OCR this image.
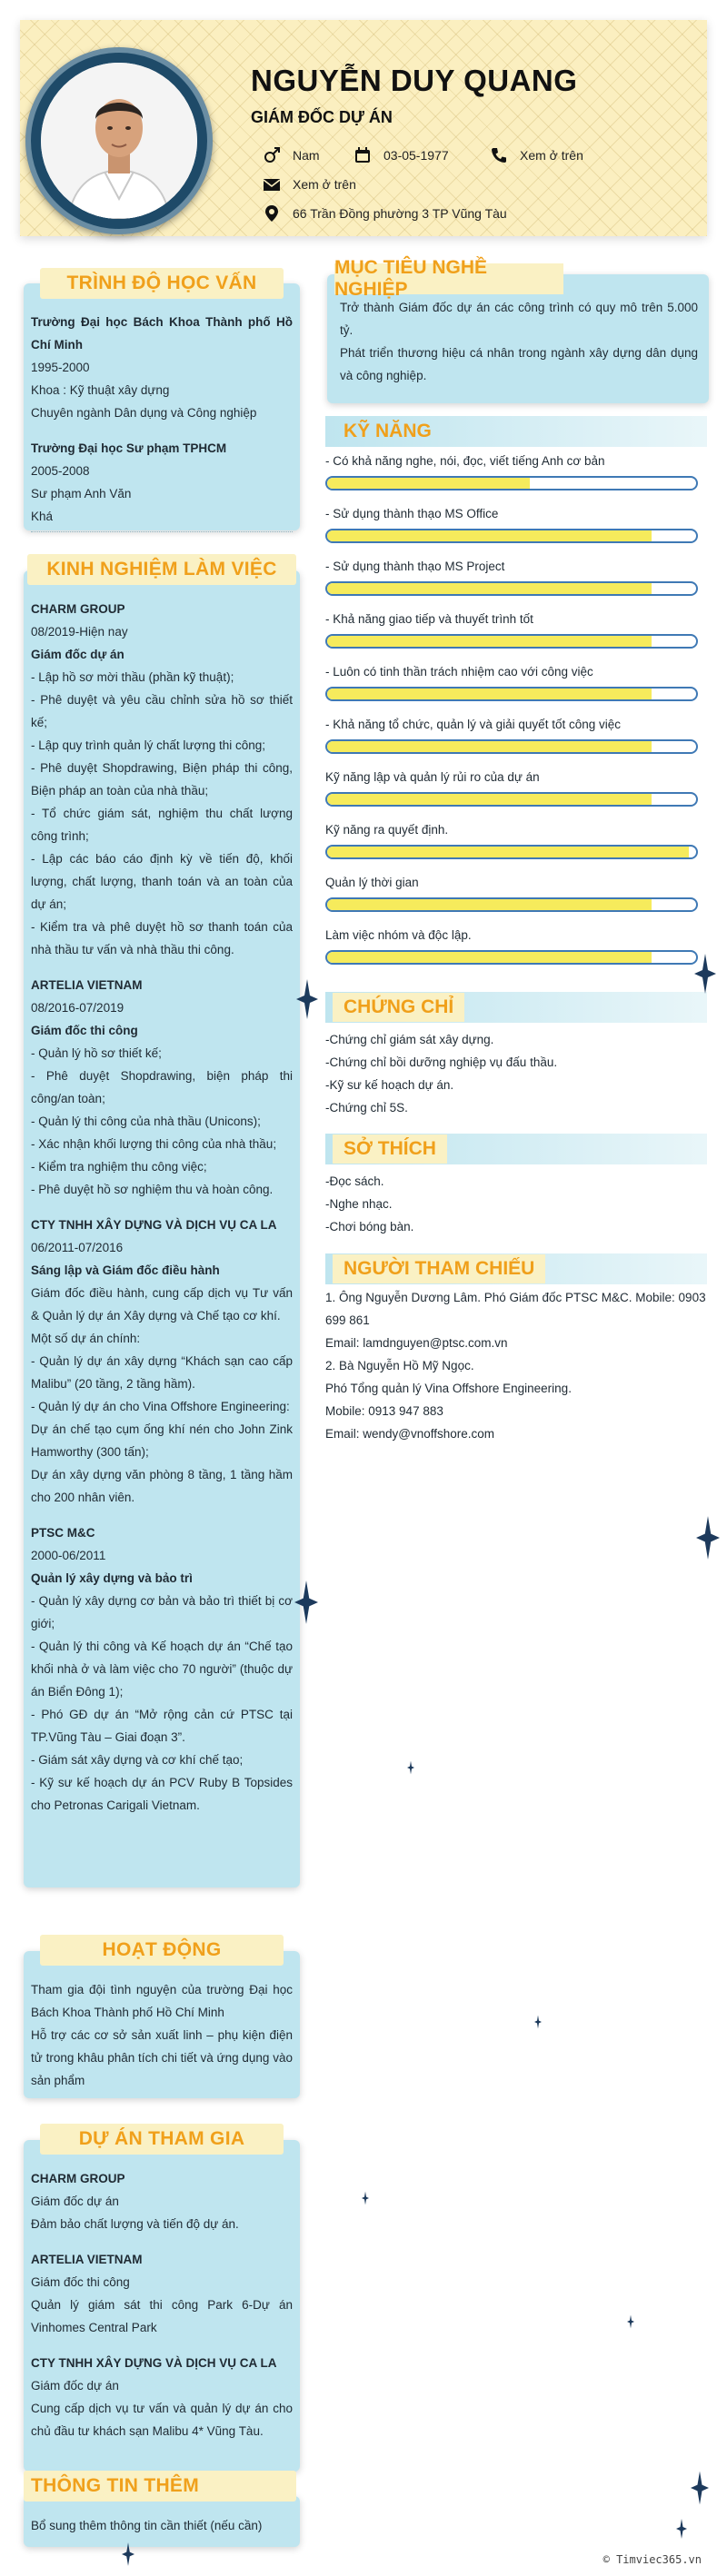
NGUYỄN DUY QUANG
GIÁM ĐỐC DỰ ÁN
Nam	03-05-1977	Xem ở trên
Xem ở trên
66 Trần Đồng phường 3 TP Vũng Tàu
Trường Đại học Bách Khoa Thành phố Hồ Chí Minh
1995-2000
Khoa : Kỹ thuật xây dựng
Chuyên ngành Dân dụng và Công nghiệp
Trường Đại học Sư phạm TPHCM
2005-2008
Sư phạm Anh Văn
Khá
TRÌNH ĐỘ HỌC VẤN
CHARM GROUP
08/2019-Hiện nay
Giám đốc dự án
- Lập hồ sơ mời thầu (phần kỹ thuật);
- Phê duyệt và yêu cầu chỉnh sửa hồ sơ thiết kế;
- Lập quy trình quản lý chất lượng thi công;
- Phê duyệt Shopdrawing, Biện pháp thi công, Biện pháp an toàn của nhà thầu;
- Tổ chức giám sát, nghiệm thu chất lượng công trình;
- Lập các báo cáo định kỳ về tiến độ, khối lượng, chất lượng, thanh toán và an toàn của dự án;
- Kiểm tra và phê duyệt hồ sơ thanh toán của nhà thầu tư vấn và nhà thầu thi công.
ARTELIA VIETNAM
08/2016-07/2019
Giám đốc thi công
- Quản lý hồ sơ thiết kế;
- Phê duyệt Shopdrawing, biện pháp thi công/an toàn;
- Quản lý thi công của nhà thầu (Unicons);
- Xác nhận khối lượng thi công của nhà thầu;
- Kiểm tra nghiệm thu công việc;
- Phê duyệt hồ sơ nghiệm thu và hoàn công.
CTY TNHH XÂY DỰNG VÀ DỊCH VỤ CA LA
06/2011-07/2016
Sáng lập và Giám đốc điều hành
Giám đốc điều hành, cung cấp dịch vụ Tư vấn & Quản lý dự án Xây dựng và Chế tạo cơ khí.
Một số dự án chính:
- Quản lý dự án xây dựng “Khách sạn cao cấp Malibu” (20 tầng, 2 tầng hầm).
- Quản lý dự án cho Vina Offshore Engineering:
Dự án chế tạo cụm ống khí nén cho John Zink Hamworthy (300 tấn);
Dự án xây dựng văn phòng 8 tầng, 1 tầng hầm cho 200 nhân viên.
PTSC M&C
2000-06/2011
Quản lý xây dựng và bảo trì
- Quản lý xây dựng cơ bản và bảo trì thiết bị cơ giới;
- Quản lý thi công và Kế hoạch dự án “Chế tạo khối nhà ở và làm việc cho 70 người” (thuộc dự án Biển Đông 1);
- Phó GĐ dự án “Mở rộng cản cứ PTSC tại TP.Vũng Tàu – Giai đoạn 3”.
- Giám sát xây dựng và cơ khí chế tạo;
- Kỹ sư kế hoạch dự án PCV Ruby B Topsides cho Petronas Carigali Vietnam.
KINH NGHIỆM LÀM VIỆC
Tham gia đội tình nguyện của trường Đại học Bách Khoa Thành phố Hồ Chí Minh
Hỗ trợ các cơ sở sản xuất linh – phụ kiện điện tử trong khâu phân tích chi tiết và ứng dụng vào sản phẩm
HOẠT ĐỘNG
CHARM GROUP
Giám đốc dự án
Đảm bảo chất lượng và tiến độ dự án.
ARTELIA VIETNAM
Giám đốc thi công
Quản lý giám sát thi công Park 6-Dự án Vinhomes Central Park
CTY TNHH XÂY DỰNG VÀ DỊCH VỤ CA LA
Giám đốc dự án
Cung cấp dịch vụ tư vấn và quản lý dự án cho chủ đầu tư khách sạn Malibu 4* Vũng Tàu.
DỰ ÁN THAM GIA
Bổ sung thêm thông tin cần thiết (nếu cần)
THÔNG TIN THÊM
Trở thành Giám đốc dự án các công trình có quy mô trên 5.000 tỷ.
Phát triển thương hiệu cá nhân trong ngành xây dựng dân dụng và công nghiệp.
MỤC TIÊU NGHỀ NGHIỆP
KỸ NĂNG
- Có khả năng nghe, nói, đọc, viết tiếng Anh cơ bản
- Sử dụng thành thạo MS Office
- Sử dụng thành thạo MS Project
- Khả năng giao tiếp và thuyết trình tốt
- Luôn có tinh thần trách nhiệm cao với công việc
- Khả năng tổ chức, quản lý và giải quyết tốt công việc
Kỹ năng lập và quản lý rủi ro của dự án
Kỹ năng ra quyết định.
Quản lý thời gian
Làm việc nhóm và độc lập.
CHỨNG CHỈ
-Chứng chỉ giám sát xây dựng.
-Chứng chỉ bồi dưỡng nghiệp vụ đấu thầu.
-Kỹ sư kế hoạch dự án.
-Chứng chỉ 5S.
SỞ THÍCH
-Đọc sách.
-Nghe nhạc.
-Chơi bóng bàn.
NGƯỜI THAM CHIẾU
1. Ông Nguyễn Dương Lâm. Phó Giám đốc PTSC M&C. Mobile: 0903 699 861
Email: lamdnguyen@ptsc.com.vn
2. Bà Nguyễn Hồ Mỹ Ngọc.
Phó Tổng quản lý Vina Offshore Engineering.
Mobile: 0913 947 883
Email: wendy@vnoffshore.com
© Timviec365.vn
